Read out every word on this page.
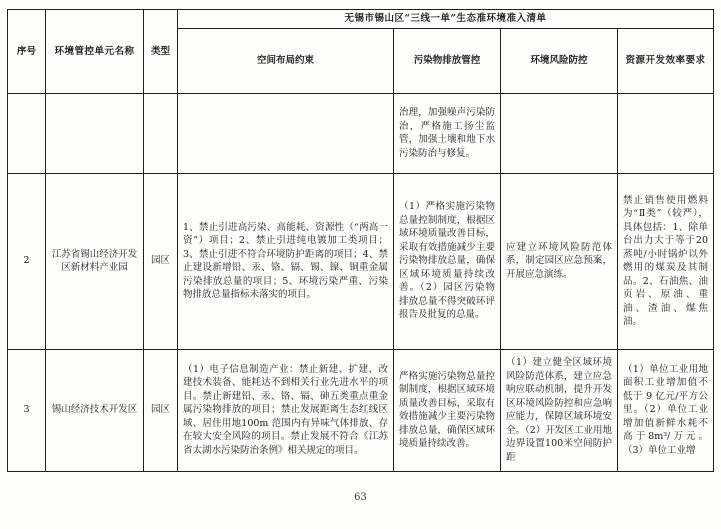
序号	环境管控单元名称	类型	无锡市锡山区“三线一单”生态准环境准入清单			
			空间布局约束	污染物排放管控	环境风险防控	资源开发效率要求
				治理，加强噪声污染防治，严格施工扬尘监管，加强土壤和地下水污染防治与修复。		
2	江苏省锡山经济开发区新材料产业园	园区	1、禁止引进高污染、高能耗、资源性（“两高一资”）项目；2、禁止引进纯电镀加工类项目；3、禁止引进不符合环境防护距离的项目；4、禁止建设新增铅、汞、铬、镉、锡、镍、铜重金属污染排放总量的项目；5、环境污染严重、污染物排放总量指标未落实的项目。	（1）严格实施污染物总量控制制度，根据区域环境质量改善目标，采取有效措施减少主要污染物排放总量，确保区域环境质量持续改善。（2）园区污染物排放总量不得突破环评报告及批复的总量。	应建立环境风险防范体系，制定园区应急预案，开展应急演练。	禁止销售使用燃料为“Ⅱ类”（较严），具体包括：1、除单台出力大于等于20蒸吨/小时锅炉以外燃用的煤炭及其制品。2、石油焦、油页岩、原油、重油、渣油、煤焦油。
3	锡山经济技术开发区	园区	（1）电子信息制造产业：禁止新建、扩建、改建技术装备、能耗达不到相关行业先进水平的项目。禁止新建铅、汞、铬、镉、砷五类重点重金属污染物排放的项目；禁止发展距离生态红线区域、居住用地100m 范围内有异味气体排放、存在较大安全风险的项目。禁止发展不符合《江苏省太湖水污染防治条例》相关规定的项目。	严格实施污染物总量控制制度，根据区域环境质量改善目标，采取有效措施减少主要污染物排放总量，确保区域环境质量持续改善。	（1）建立健全区域环境风险防范体系，建立应急响应联动机制，提升开发区环境风险防控和应急响应能力，保障区域环境安全。（2）开发区工业用地边界设置100米空间防护距	（1）单位工业用地面积工业增加值不低于 9 亿元/平方公里。（2）单位工业增加值新鲜水耗不高于8m³/万元。（3）单位工业增
63
